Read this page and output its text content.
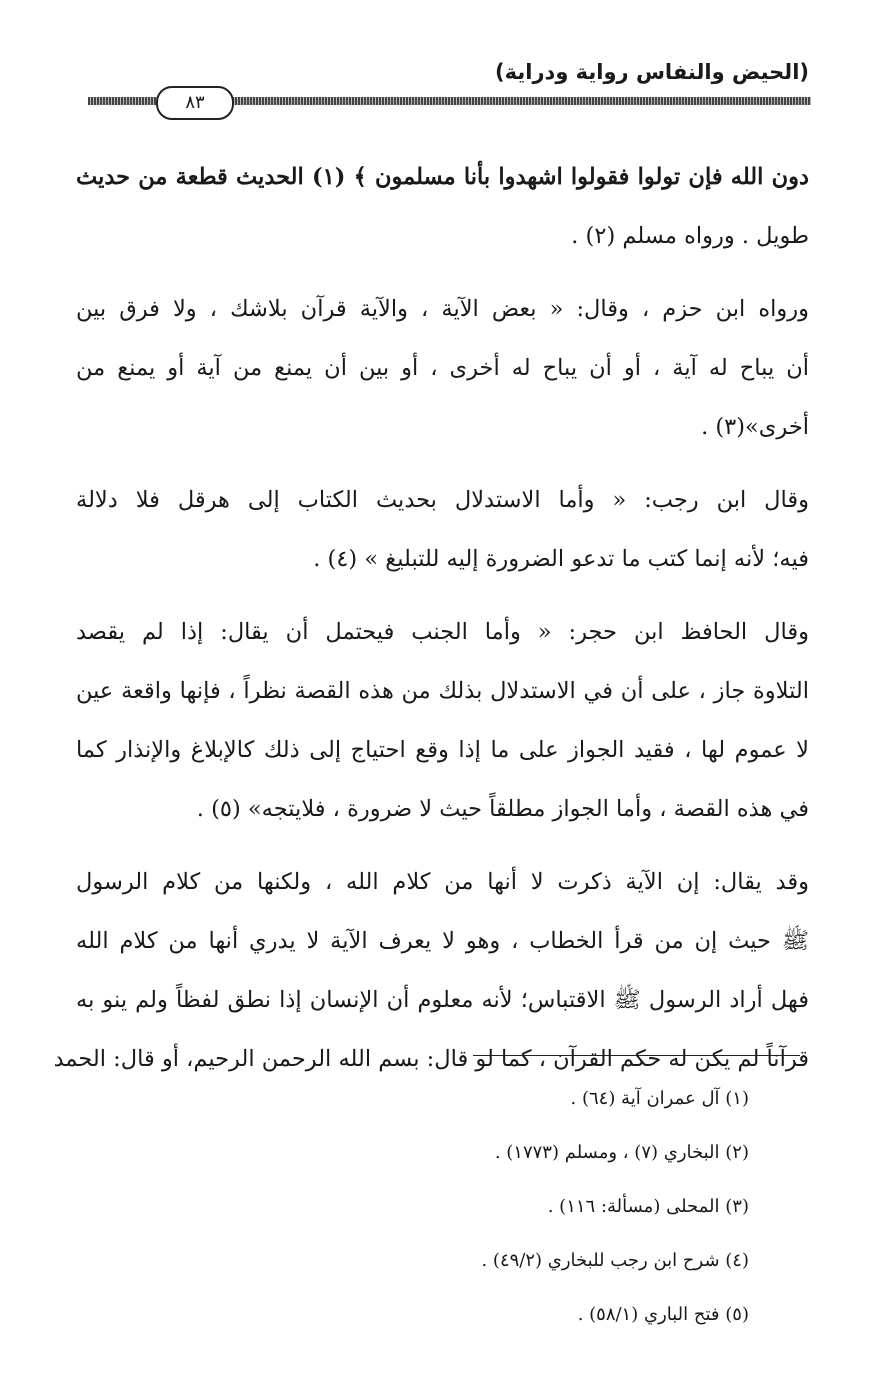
(الحيض والنفاس رواية ودراية)
٨٣
دون الله فإن تولوا فقولوا اشهدوا بأنا مسلمون ﴾ (١) الحديث قطعة من حديث
طويل . ورواه مسلم (٢) .
ورواه ابن حزم ، وقال: « بعض الآية ، والآية قرآن بلاشك ، ولا فرق بين
أن يباح له آية ، أو أن يباح له أخرى ، أو بين أن يمنع من آية أو يمنع من
أخرى»(٣) .
وقال ابن رجب: « وأما الاستدلال بحديث الكتاب إلى هرقل فلا دلالة
فيه؛ لأنه إنما كتب ما تدعو الضرورة إليه للتبليغ » (٤) .
وقال الحافظ ابن حجر: « وأما الجنب فيحتمل أن يقال: إذا لم يقصد
التلاوة جاز ، على أن في الاستدلال بذلك من هذه القصة نظراً ، فإنها واقعة عين
لا عموم لها ، فقيد الجواز على ما إذا وقع احتياج إلى ذلك كالإبلاغ والإنذار كما
في هذه القصة ، وأما الجواز مطلقاً حيث لا ضرورة ، فلايتجه» (٥) .
وقد يقال: إن الآية ذكرت لا أنها من كلام الله ، ولكنها من كلام الرسول
ﷺ حيث إن من قرأ الخطاب ، وهو لا يعرف الآية لا يدري أنها من كلام الله
فهل أراد الرسول ﷺ الاقتباس؛ لأنه معلوم أن الإنسان إذا نطق لفظاً ولم ينو به
قرآناً لم يكن له حكم القرآن ، كما لو قال: بسم الله الرحمن الرحيم، أو قال: الحمد
(١) آل عمران آية (٦٤) .
(٢) البخاري (٧) ، ومسلم (١٧٧٣) .
(٣) المحلى (مسألة: ١١٦) .
(٤) شرح ابن رجب للبخاري (٤٩/٢) .
(٥) فتح الباري (٥٨/١) .
